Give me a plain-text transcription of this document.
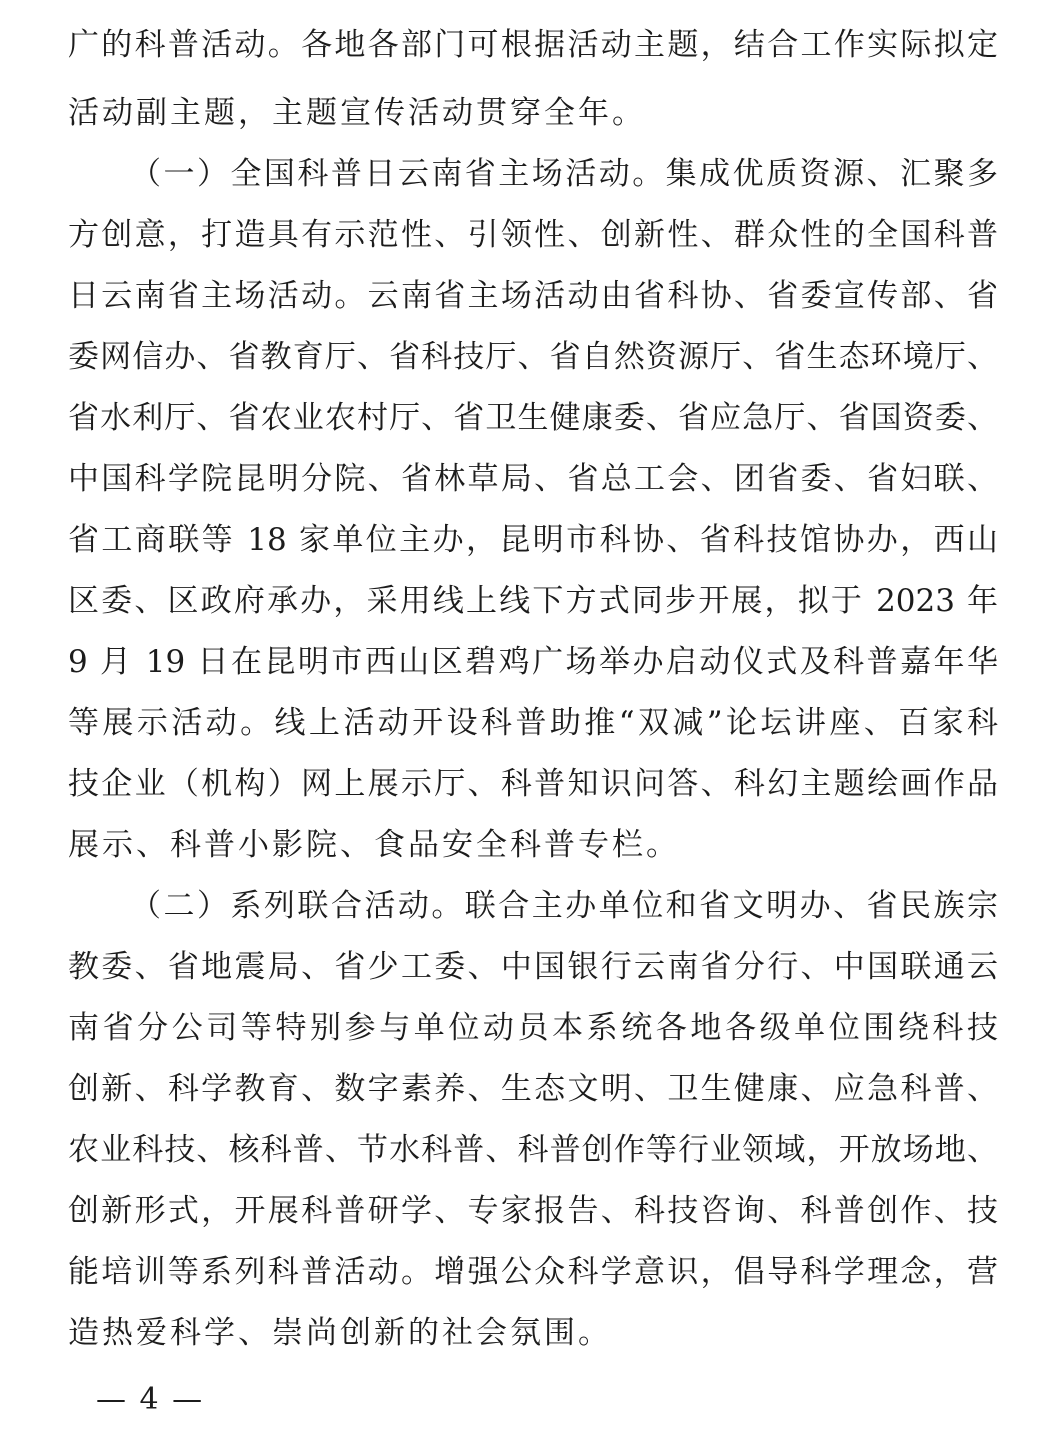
广的科普活动。各地各部门可根据活动主题，结合工作实际拟定
活动副主题，主题宣传活动贯穿全年。
（一）全国科普日云南省主场活动。集成优质资源、汇聚多
方创意，打造具有示范性、引领性、创新性、群众性的全国科普
日云南省主场活动。云南省主场活动由省科协、省委宣传部、省
委网信办、省教育厅、省科技厅、省自然资源厅、省生态环境厅、
省水利厅、省农业农村厅、省卫生健康委、省应急厅、省国资委、
中国科学院昆明分院、省林草局、省总工会、团省委、省妇联、
省工商联等 18 家单位主办，昆明市科协、省科技馆协办，西山
区委、区政府承办，采用线上线下方式同步开展，拟于 2023 年
9 月 19 日在昆明市西山区碧鸡广场举办启动仪式及科普嘉年华
等展示活动。线上活动开设科普助推“双减”论坛讲座、百家科
技企业（机构）网上展示厅、科普知识问答、科幻主题绘画作品
展示、科普小影院、食品安全科普专栏。
（二）系列联合活动。联合主办单位和省文明办、省民族宗
教委、省地震局、省少工委、中国银行云南省分行、中国联通云
南省分公司等特别参与单位动员本系统各地各级单位围绕科技
创新、科学教育、数字素养、生态文明、卫生健康、应急科普、
农业科技、核科普、节水科普、科普创作等行业领域，开放场地、
创新形式，开展科普研学、专家报告、科技咨询、科普创作、技
能培训等系列科普活动。增强公众科学意识，倡导科学理念，营
造热爱科学、崇尚创新的社会氛围。
— 4 —
